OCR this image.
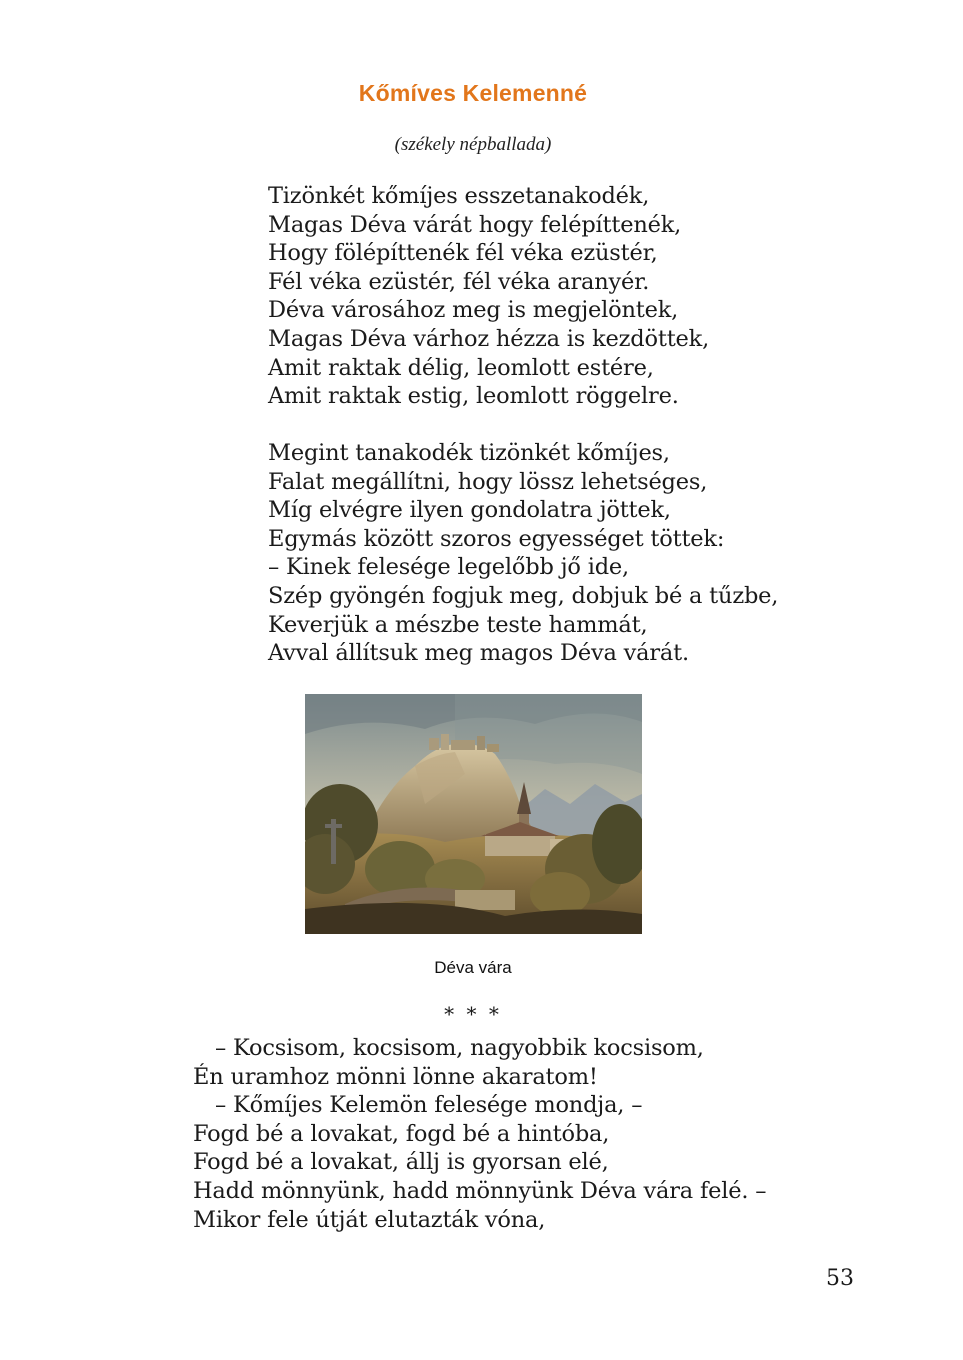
Kőmíves Kelemenné
(székely népballada)
Tizönkét kőmíjes esszetanakodék,
Magas Déva várát hogy felépíttenék,
Hogy fölépíttenék fél véka ezüstér,
Fél véka ezüstér, fél véka aranyér.
Déva városához meg is megjelöntek,
Magas Déva várhoz hézza is kezdöttek,
Amit raktak délig, leomlott estére,
Amit raktak estig, leomlott röggelre.
Megint tanakodék tizönkét kőmíjes,
Falat megállítni, hogy lössz lehetséges,
Míg elvégre ilyen gondolatra jöttek,
Egymás között szoros egyességet töttek:
– Kinek felesége legelőbb jő ide,
Szép gyöngén fogjuk meg, dobjuk bé a tűzbe,
Keverjük a mészbe teste hammát,
Avval állítsuk meg magos Déva várát.
Déva vára
* * *
– Kocsisom, kocsisom, nagyobbik kocsisom,
Én uramhoz mönni lönne akaratom!
– Kőmíjes Kelemön felesége mondja, –
Fogd bé a lovakat, fogd bé a hintóba,
Fogd bé a lovakat, állj is gyorsan elé,
Hadd mönnyünk, hadd mönnyünk Déva vára felé. –
Mikor fele útját elutazták vóna,
53
